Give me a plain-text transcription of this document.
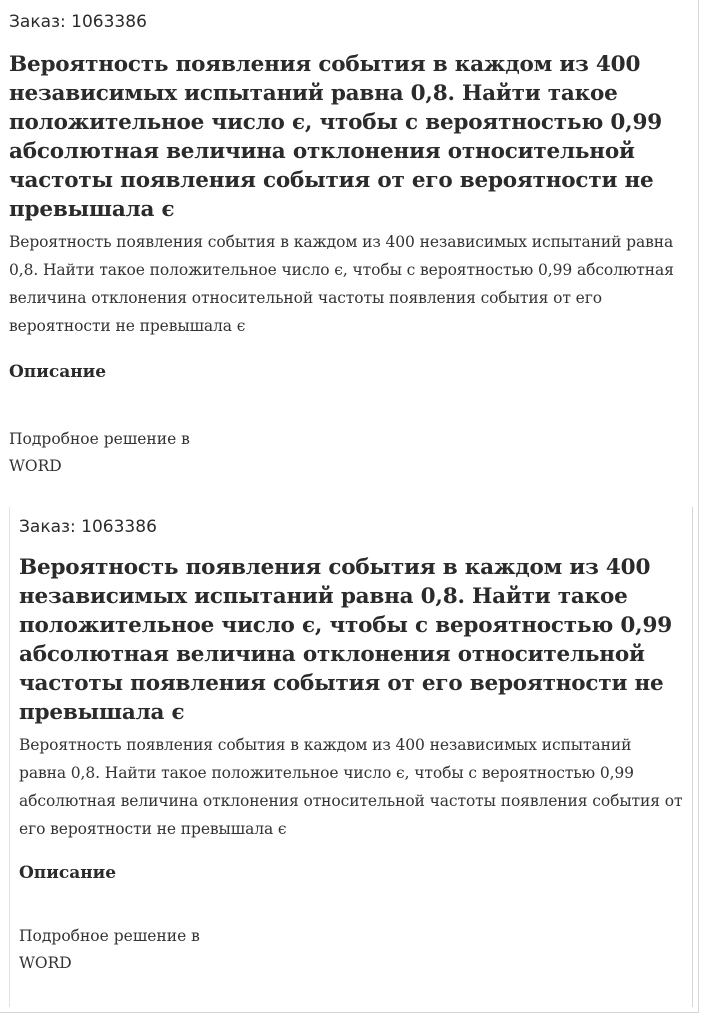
Заказ: 1063386
Вероятность появления события в каждом из 400 независимых испытаний равна 0,8. Найти такое положительное число є, чтобы с вероятностью 0,99 абсолютная величина отклонения относительной частоты появления события от его вероятности не превышала є

Вероятность появления события в каждом из 400 независимых испытаний равна 0,8. Найти такое положительное число є, чтобы с вероятностью 0,99 абсолютная величина отклонения относительной частоты появления события от его вероятности не превышала є

Описание

Подробное решение в WORD

Заказ: 1063386
Вероятность появления события в каждом из 400 независимых испытаний равна 0,8. Найти такое положительное число є, чтобы с вероятностью 0,99 абсолютная величина отклонения относительной частоты появления события от его вероятности не превышала є

Вероятность появления события в каждом из 400 независимых испытаний равна 0,8. Найти такое положительное число є, чтобы с вероятностью 0,99 абсолютная величина отклонения относительной частоты появления события от его вероятности не превышала є

Описание

Подробное решение в WORD
